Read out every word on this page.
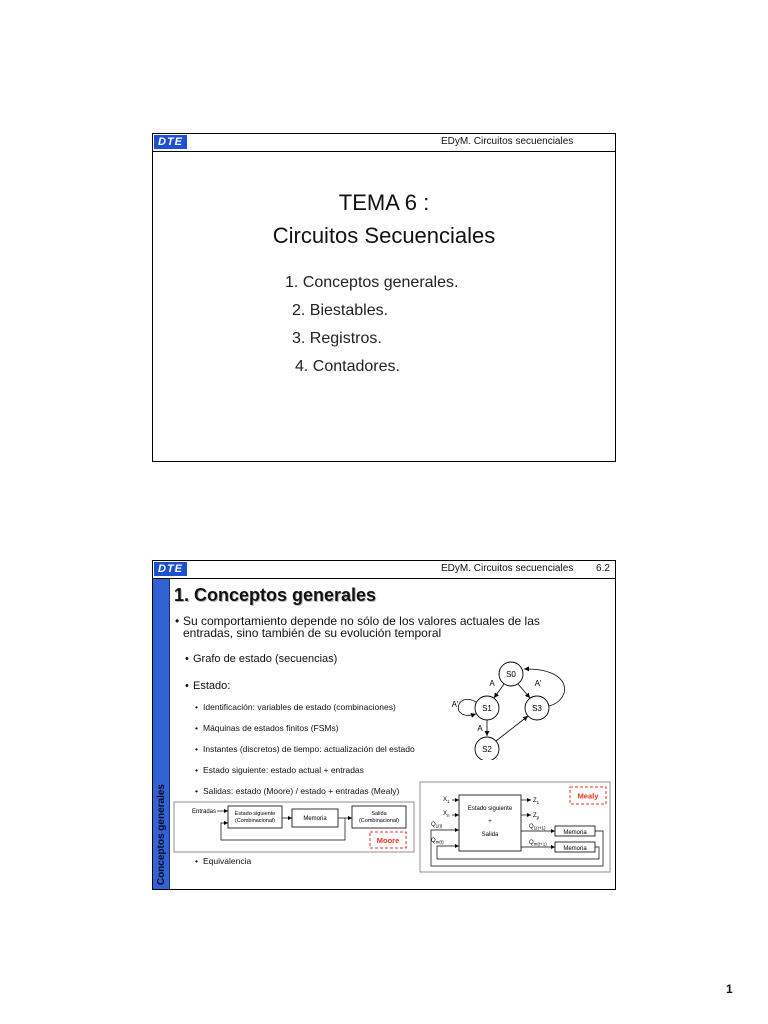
DTE	EDyM. Circuitos secuenciales
TEMA 6 :
Circuitos Secuenciales
1. Conceptos generales.
2. Biestables.
3. Registros.
4. Contadores.
DTE	EDyM. Circuitos secuenciales 6.2
Conceptos generales
1. Conceptos generales
•
Su comportamiento depende no sólo de los valores actuales de las
entradas, sino también de su evolución temporal
•Grafo de estado (secuencias)
•Estado:
•Identificación: variables de estado (combinaciones)
•Máquinas de estados finitos (FSMs)
•Instantes (discretos) de tiempo: actualización del estado
•Estado siguiente: estado actual + entradas
•Salidas: estado (Moore) / estado + entradas (Mealy)
•Equivalencia
S0
S1
S2
S3
A	A'
A'
A
Entradas	Estado siguiente
(Combinacional)	Memoria
Salida
(Combinacional)
Moore
Estado siguiente
+
Salida	Memoria
Memoria
$X_1$
$X_n$
$Q_{1(t)}$
$Q_{m(t)}$
$Z_1$
$Z_p$
$Q_{1(t+1)}$
$Q_{m(t+1)}$
Mealy
1
